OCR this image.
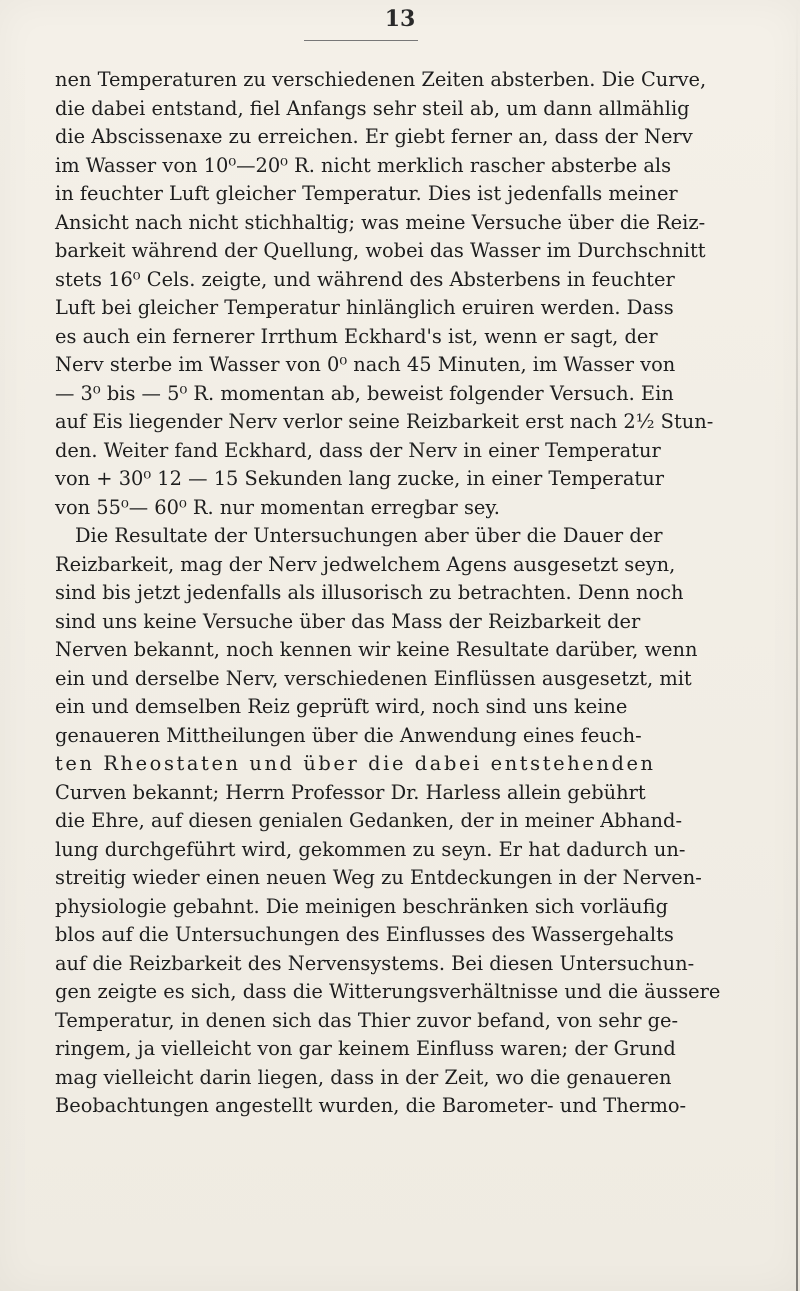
13
nen Temperaturen zu verschiedenen Zeiten absterben. Die Curve,
die dabei entstand, fiel Anfangs sehr steil ab, um dann allmählig
die Abscissenaxe zu erreichen. Er giebt ferner an, dass der Nerv
im Wasser von 10⁰—20⁰ R. nicht merklich rascher absterbe als
in feuchter Luft gleicher Temperatur. Dies ist jedenfalls meiner
Ansicht nach nicht stichhaltig; was meine Versuche über die Reiz-
barkeit während der Quellung, wobei das Wasser im Durchschnitt
stets 16⁰ Cels. zeigte, und während des Absterbens in feuchter
Luft bei gleicher Temperatur hinlänglich eruiren werden. Dass
es auch ein fernerer Irrthum Eckhard's ist, wenn er sagt, der
Nerv sterbe im Wasser von 0⁰ nach 45 Minuten, im Wasser von
— 3⁰ bis — 5⁰ R. momentan ab, beweist folgender Versuch. Ein
auf Eis liegender Nerv verlor seine Reizbarkeit erst nach 2½ Stun-
den. Weiter fand Eckhard, dass der Nerv in einer Temperatur
von + 30⁰ 12 — 15 Sekunden lang zucke, in einer Temperatur
von 55⁰— 60⁰ R. nur momentan erregbar sey.
Die Resultate der Untersuchungen aber über die Dauer der
Reizbarkeit, mag der Nerv jedwelchem Agens ausgesetzt seyn,
sind bis jetzt jedenfalls als illusorisch zu betrachten. Denn noch
sind uns keine Versuche über das Mass der Reizbarkeit der
Nerven bekannt, noch kennen wir keine Resultate darüber, wenn
ein und derselbe Nerv, verschiedenen Einflüssen ausgesetzt, mit
ein und demselben Reiz geprüft wird, noch sind uns keine
genaueren Mittheilungen über die Anwendung eines feuch-
ten Rheostaten und über die dabei entstehenden
Curven bekannt; Herrn Professor Dr. Harless allein gebührt
die Ehre, auf diesen genialen Gedanken, der in meiner Abhand-
lung durchgeführt wird, gekommen zu seyn. Er hat dadurch un-
streitig wieder einen neuen Weg zu Entdeckungen in der Nerven-
physiologie gebahnt. Die meinigen beschränken sich vorläufig
blos auf die Untersuchungen des Einflusses des Wassergehalts
auf die Reizbarkeit des Nervensystems. Bei diesen Untersuchun-
gen zeigte es sich, dass die Witterungsverhältnisse und die äussere
Temperatur, in denen sich das Thier zuvor befand, von sehr ge-
ringem, ja vielleicht von gar keinem Einfluss waren; der Grund
mag vielleicht darin liegen, dass in der Zeit, wo die genaueren
Beobachtungen angestellt wurden, die Barometer- und Thermo-
